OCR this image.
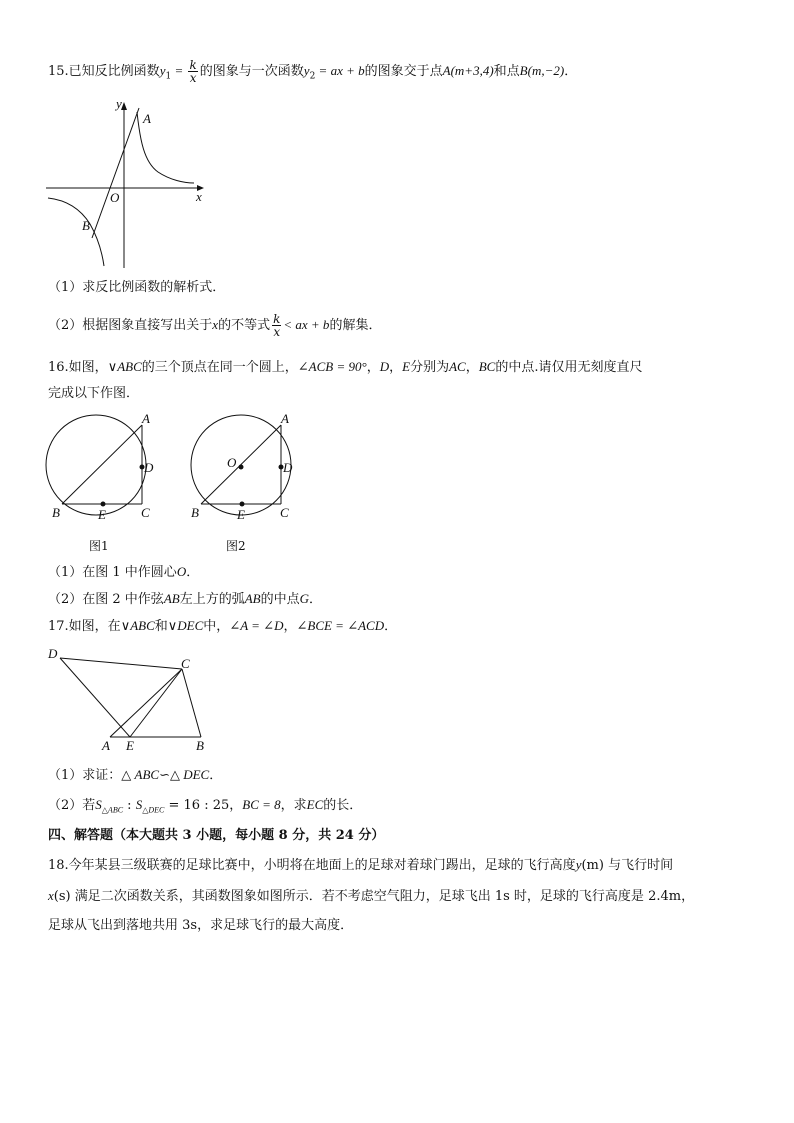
15.已知反比例函数$y_1 = \frac{k}{x}$ 的图象与一次函数$y_2$ = ax + b的图象交于点A(m+3,4)和点B(m,−2)．
y
x
O
A
B
（1）求反比例函数的解析式．
（2）根据图象直接写出关于x的不等式 $\frac{k}{x}$ < ax + b的解集．
16.如图，∨ABC的三个顶点在同一个圆上，∠ACB = 90°，D，E分别为AC，BC的中点.请仅用无刻度直尺
完成以下作图．
A
B	C
D
E
图1
A
B	C
D
E
O
图2
（1）在图 1 中作圆心O．
（2）在图 2 中作弦AB左上方的弧AB的中点G．
17.如图，在∨ABC和∨DEC中，∠A = ∠D，∠BCE = ∠ACD．
D
C
A E	B
（1）求证：△ ABC∽△ DEC．
（2）若$S_{\triangle ABC}$ : $S_{\triangle DEC} = 16$ : 25，BC = 8，求EC的长．
四、解答题（本大题共 3 小题，每小题 8 分，共 24 分）
18.今年某县三级联赛的足球比赛中，小明将在地面上的足球对着球门踢出，足球的飞行高度y(m) 与飞行时间
x(s) 满足二次函数关系，其函数图象如图所示．若不考虑空气阻力，足球飞出 1s 时，足球的飞行高度是 2.4m，
足球从飞出到落地共用 3s，求足球飞行的最大高度．
